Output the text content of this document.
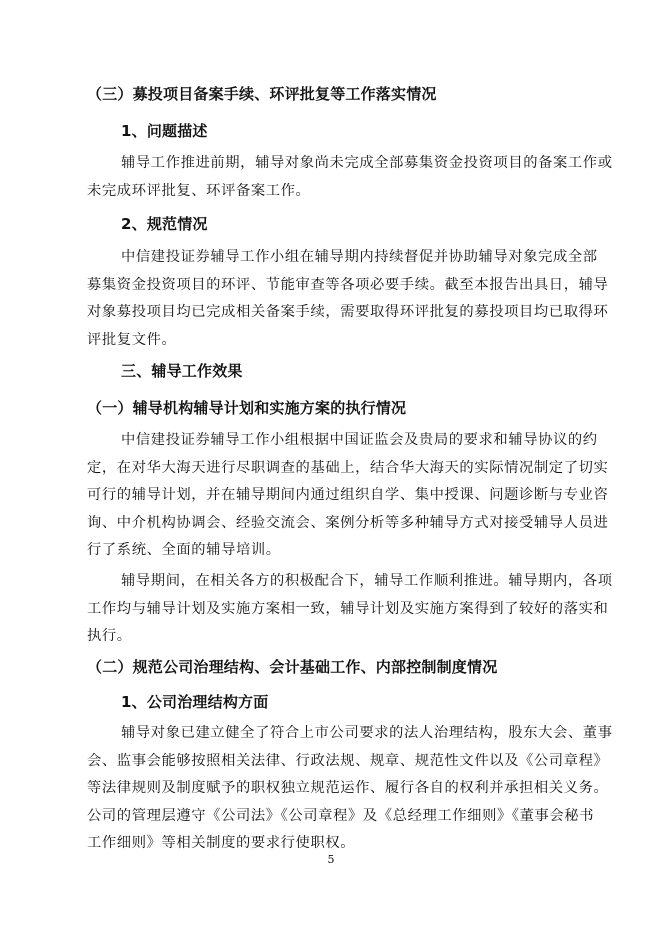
（三）募投项目备案手续、环评批复等工作落实情况
1、问题描述

辅导工作推进前期，辅导对象尚未完成全部募集资金投资项目的备案工作或
未完成环评批复、环评备案工作。

2、规范情况

中信建投证券辅导工作小组在辅导期内持续督促并协助辅导对象完成全部
募集资金投资项目的环评、节能审查等各项必要手续。截至本报告出具日，辅导
对象募投项目均已完成相关备案手续，需要取得环评批复的募投项目均已取得环
评批复文件。

三、辅导工作效果
（一）辅导机构辅导计划和实施方案的执行情况

中信建投证券辅导工作小组根据中国证监会及贵局的要求和辅导协议的约
定，在对华大海天进行尽职调查的基础上，结合华大海天的实际情况制定了切实
可行的辅导计划，并在辅导期间内通过组织自学、集中授课、问题诊断与专业咨
询、中介机构协调会、经验交流会、案例分析等多种辅导方式对接受辅导人员进
行了系统、全面的辅导培训。

辅导期间，在相关各方的积极配合下，辅导工作顺利推进。辅导期内，各项
工作均与辅导计划及实施方案相一致，辅导计划及实施方案得到了较好的落实和
执行。

（二）规范公司治理结构、会计基础工作、内部控制制度情况
1、公司治理结构方面

辅导对象已建立健全了符合上市公司要求的法人治理结构，股东大会、董事
会、监事会能够按照相关法律、行政法规、规章、规范性文件以及《公司章程》
等法律规则及制度赋予的职权独立规范运作、履行各自的权利并承担相关义务。
公司的管理层遵守《公司法》《公司章程》及《总经理工作细则》《董事会秘书
工作细则》等相关制度的要求行使职权。

5
